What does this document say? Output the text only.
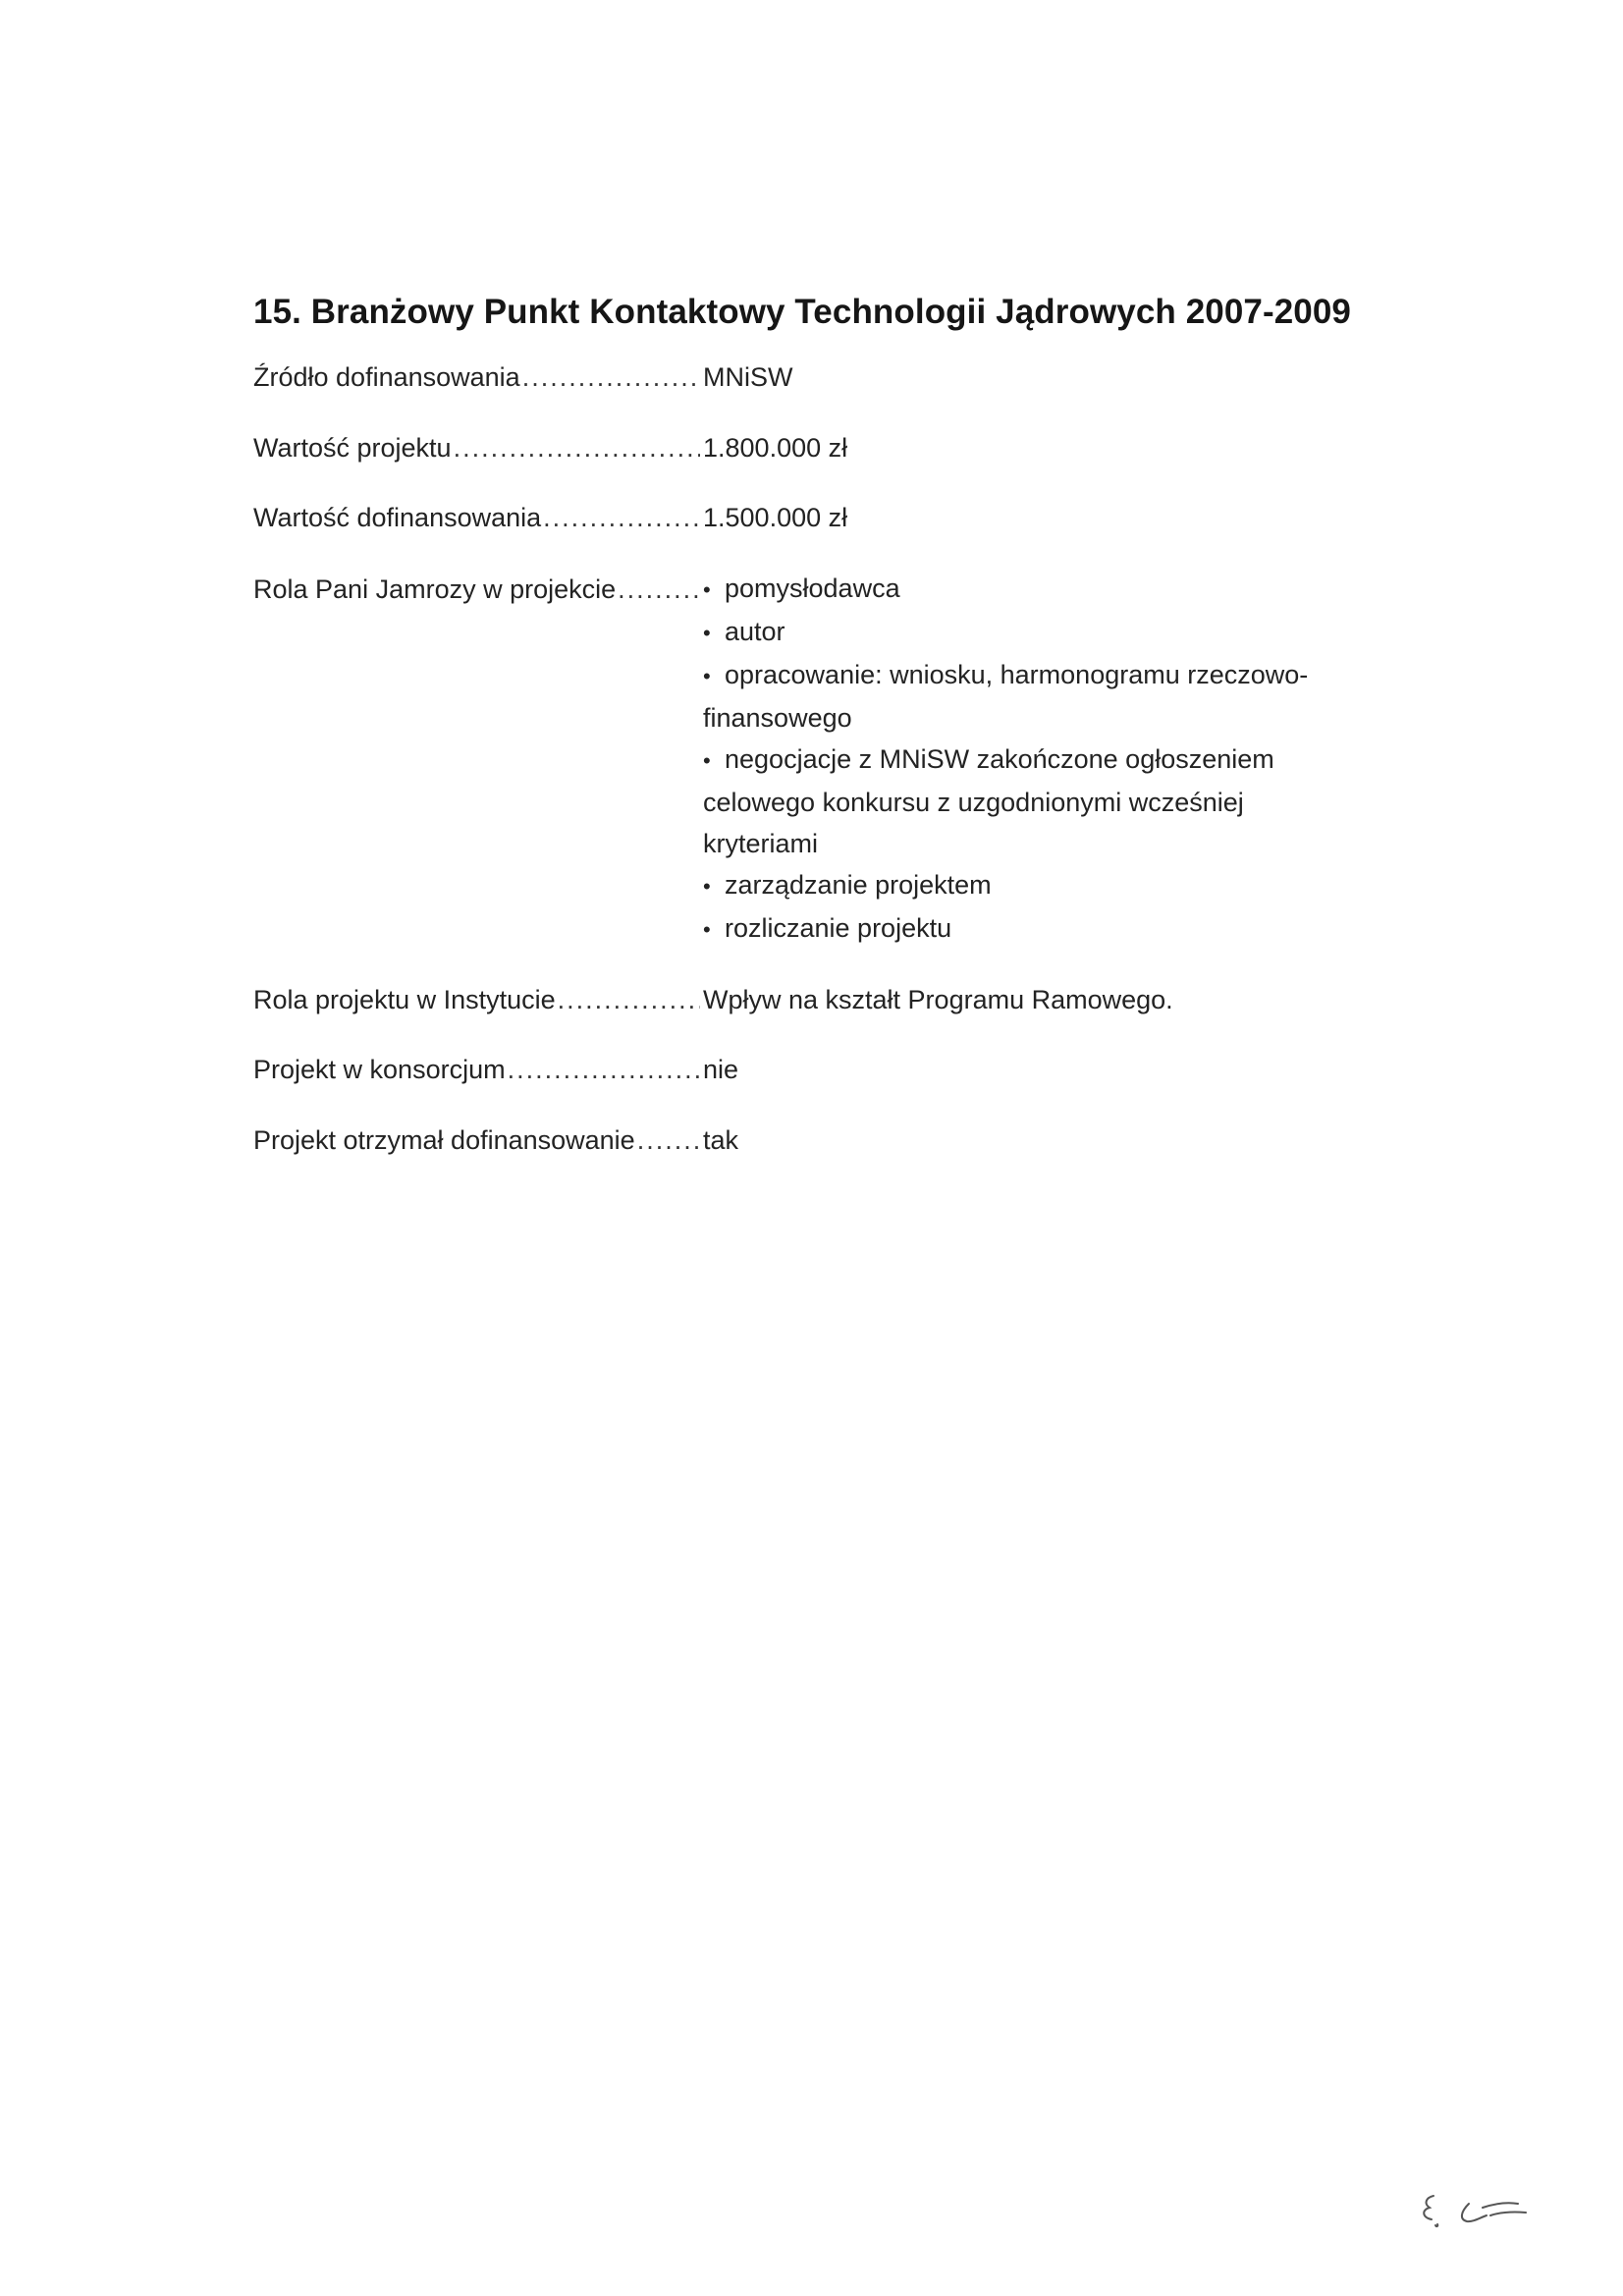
15. Branżowy Punkt Kontaktowy Technologii Jądrowych 2007-2009
Źródło dofinansowania .....	MNiSW
Wartość projektu .....	1.800.000 zł
Wartość dofinansowania .....	1.500.000 zł
Rola Pani Jamrozy w projekcie .....	• pomysłodawca
• autor
• opracowanie: wniosku, harmonogramu rzeczowo-
finansowego
• negocjacje z MNiSW zakończone ogłoszeniem
celowego konkursu z uzgodnionymi wcześniej
kryteriami
• zarządzanie projektem
• rozliczanie projektu
Rola projektu w Instytucie .....	Wpływ na kształt Programu Ramowego.
Projekt w konsorcjum .....	nie
Projekt otrzymał dofinansowanie .....	tak
